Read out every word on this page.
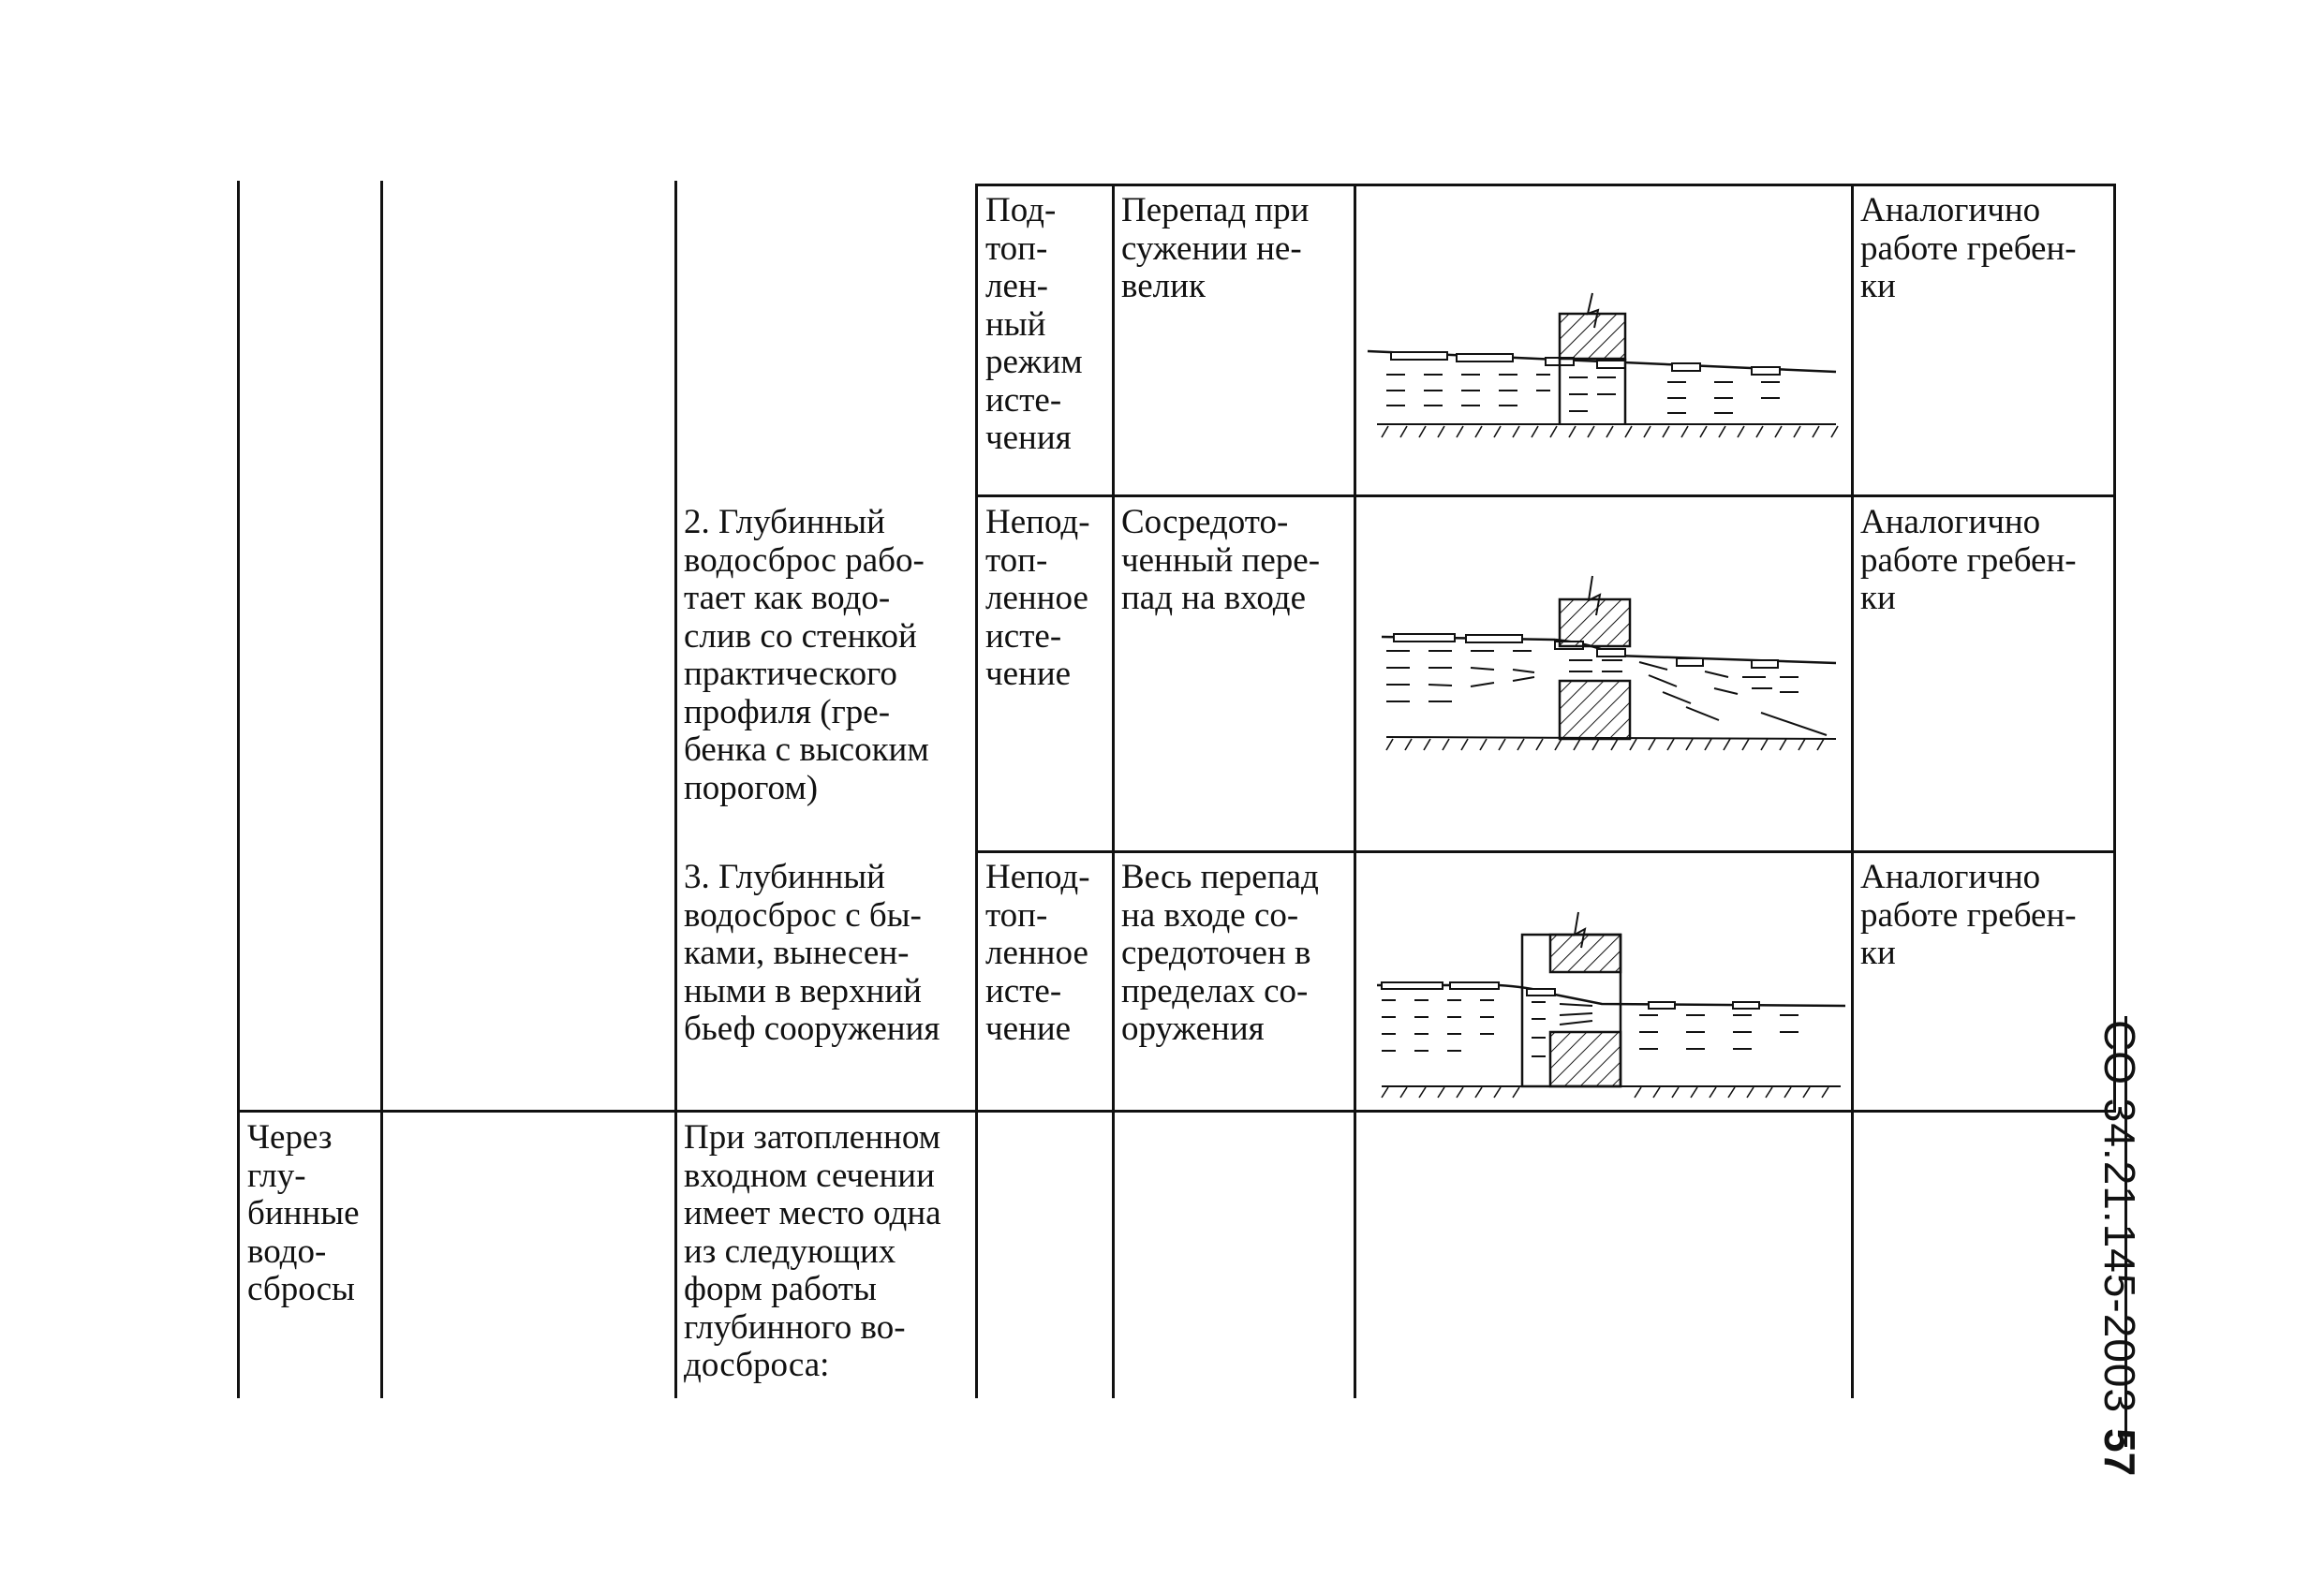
Под-
топ-
лен-
ный
режим
исте-
чения
Перепад при
сужении не-
велик
Аналогично
работе гребен-
ки
2. Глубинный
водосброс рабо-
тает как водо-
слив со стенкой
практического
профиля (гре-
бенка с высоким
порогом)
Непод-
топ-
ленное
исте-
чение
Сосредото-
ченный пере-
пад на входе
Аналогично
работе гребен-
ки
3. Глубинный
водосброс с бы-
ками, вынесен-
ными в верхний
бьеф сооружения
Непод-
топ-
ленное
исте-
чение
Весь перепад
на входе со-
средоточен в
пределах со-
оружения
Аналогично
работе гребен-
ки
Через
глу-
бинные
водо-
сбросы
При затопленном
входном сечении
имеет место одна
из следующих
форм работы
глубинного во-
досброса:	СО 34.21.145-200357
